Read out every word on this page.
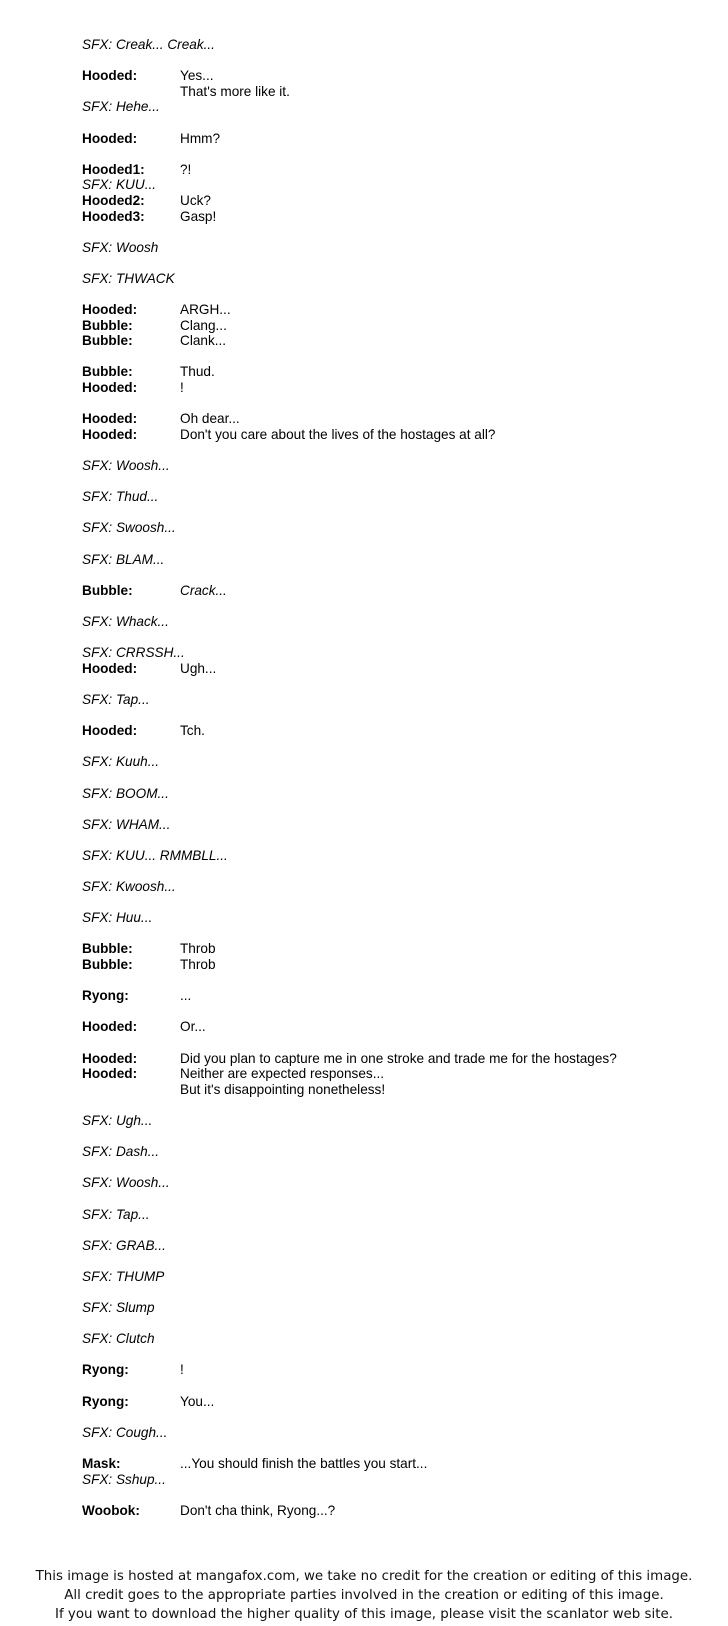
SFX: Creak... Creak...
Hooded:	Yes...
That's more like it.
SFX: Hehe...
Hooded:	Hmm?
Hooded1:	?!
SFX: KUU...
Hooded2:	Uck?
Hooded3:	Gasp!
SFX: Woosh
SFX: THWACK
Hooded:	ARGH...
Bubble:	Clang...
Bubble:	Clank...
Bubble:	Thud.
Hooded:	!
Hooded:	Oh dear...
Hooded:	Don't you care about the lives of the hostages at all?
SFX: Woosh...
SFX: Thud...
SFX: Swoosh...
SFX: BLAM...
Bubble:	Crack...
SFX: Whack...
SFX: CRRSSH...
Hooded:	Ugh...
SFX: Tap...
Hooded:	Tch.
SFX: Kuuh...
SFX: BOOM...
SFX: WHAM...
SFX: KUU... RMMBLL...
SFX: Kwoosh...
SFX: Huu...
Bubble:	Throb
Bubble:	Throb
Ryong:	...
Hooded:	Or...
Hooded:	Did you plan to capture me in one stroke and trade me for the hostages?
Hooded:	Neither are expected responses...
But it's disappointing nonetheless!
SFX: Ugh...
SFX: Dash...
SFX: Woosh...
SFX: Tap...
SFX: GRAB...
SFX: THUMP
SFX: Slump
SFX: Clutch
Ryong:	!
Ryong:	You...
SFX: Cough...
Mask:	...You should finish the battles you start...
SFX: Sshup...
Woobok:	Don't cha think, Ryong...?
This image is hosted at mangafox.com, we take no credit for the creation or editing of this image.
All credit goes to the appropriate parties involved in the creation or editing of this image.
If you want to download the higher quality of this image, please visit the scanlator web site.
